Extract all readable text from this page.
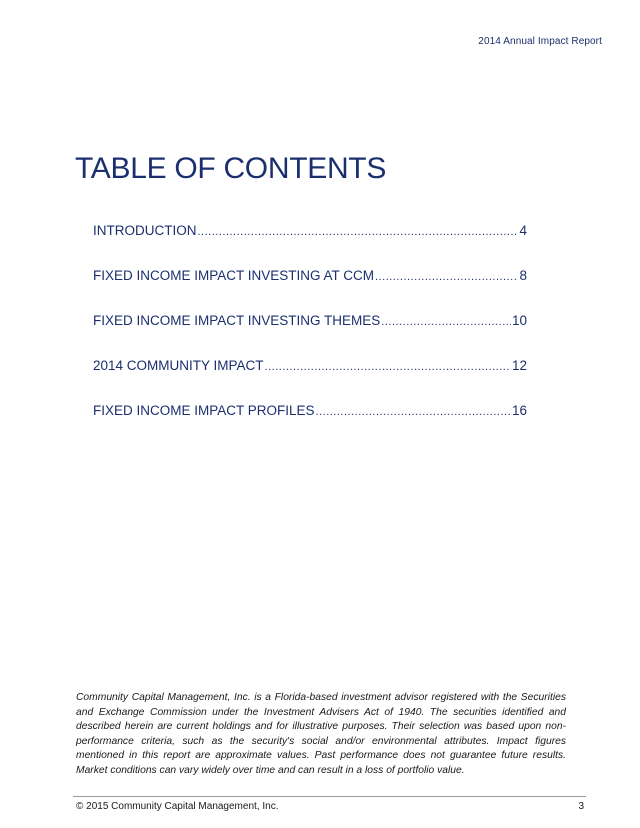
2014 Annual Impact Report
TABLE OF CONTENTS
INTRODUCTION .....	4
FIXED INCOME IMPACT INVESTING AT CCM .....	8
FIXED INCOME IMPACT INVESTING THEMES .....	10
2014 COMMUNITY IMPACT .....	12
FIXED INCOME IMPACT PROFILES .....	16

Community Capital Management, Inc. is a Florida-based investment advisor registered with the Securities and Exchange Commission under the Investment Advisers Act of 1940. The securities identified and described herein are current holdings and for illustrative purposes. Their selection was based upon non-performance criteria, such as the security's social and/or environmental attributes. Impact figures mentioned in this report are approximate values. Past performance does not guarantee future results. Market conditions can vary widely over time and can result in a loss of portfolio value.

© 2015 Community Capital Management, Inc.	3
